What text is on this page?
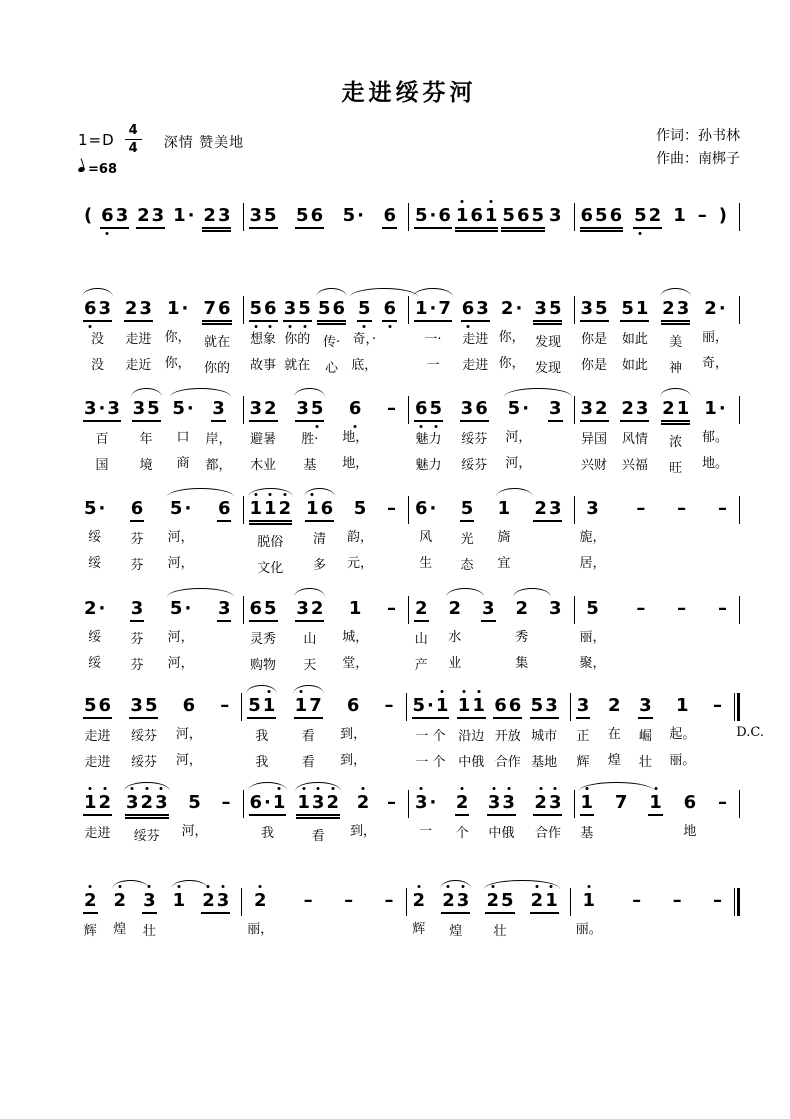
走进绥芬河
$1=D \frac{4}{4}$ 深情 赞美地
=68
作词：孙书林
作曲：南梆子
( 6 3 2 3 1 · 2 3 3 5 5 6 5 · 6 5 · 6 1 6 1 5 6 5 3 6 5 6 5 2 1 – )
6 3
没
没
2 3
走进
走近
1 ·
你，
你，
7 6
就在
你的
5 6
想象
故事
3 5
你的
就在
5 6
传·
心
5
奇，·
底，
6 1 · 7
一·
一
6 3
走进
走进
2 ·
你，
你，
3 5
发现
发现
3 5
你是
你是
5 1
如此
如此
2 3
美
神
2 ·
丽，
奇，
3 · 3
百
国
3 5
年
境
5 ·
口
商
3
岸，
都，
3 2
避暑
木业
3 5
胜·
基
6
地，
地，
– 6 5
魅力
魅力
3 6
绥芬
绥芬
5 ·
河，
河，
3 3 2
异国
兴财
2 3
风情
兴福
2 1
浓
旺
1 ·
郁。
地。
5 ·
绥
绥
6
芬
芬
5 ·
河，
河，
6 1 1 2
脱俗
文化
1 6
清
多
5
韵，
元，
– 6 ·
风
生
5
光
态
1
旖
宜
2 3 3
旎，
居，
– – –
2 ·
绥
绥
3
芬
芬
5 ·
河，
河，
3 6 5
灵秀
购物
3 2
山
天
1
城，
堂，
– 2
山
产
2
水
业
3 2
秀
集
3 5
丽，
聚，
– – –
5 6
走进
走进
3 5
绥芬
绥芬
6
河，
河，
– 5 1
我
我
1 7
看
看
6
到，
到，
– 5 · 1
一 个
一 个
1 1
沿边
中俄
6 6
开放
合作
5 3
城市
基地
3
正
辉
2
在
煌
3
崛
壮
1
起。
丽。
–
D.C.
1 2
走进
3 2 3
绥芬
5
河，
– 6 · 1
我
1 3 2
看
2
到，
– 3 ·
一
2
个
3 3
中俄
2 3
合作
1
基
7 1 6
地
–
2
辉
2
煌
3
壮
1 2 3 2
丽，
– – – 2
辉
2 3
煌
2 5
壮
2 1 1
丽。
– – –
